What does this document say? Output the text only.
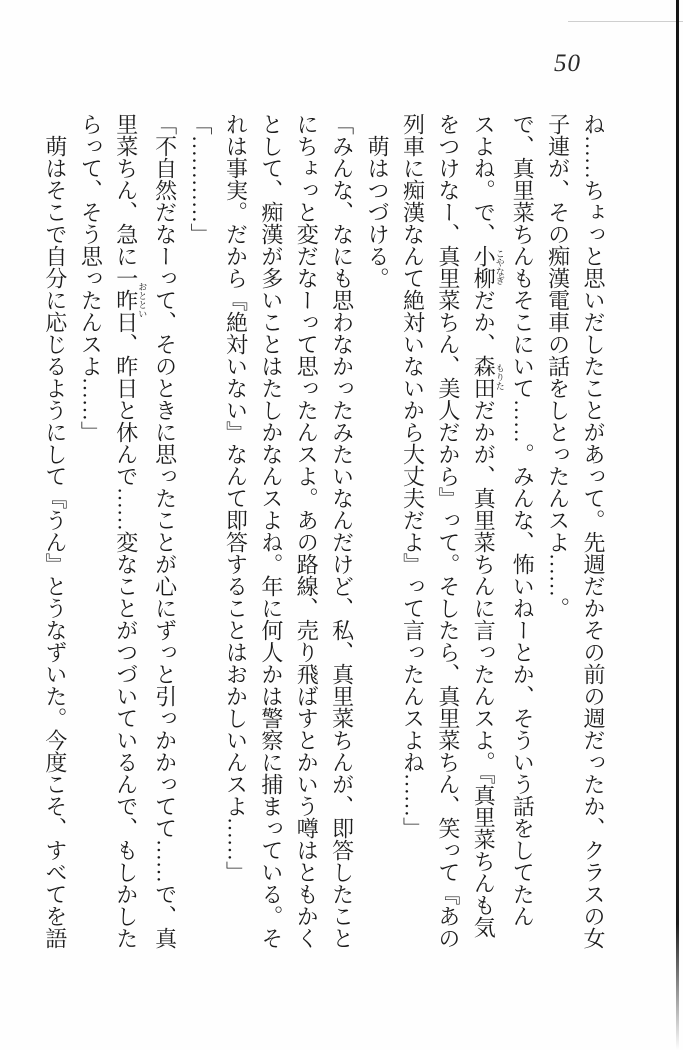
50
ね……ちょっと思いだしたことがあって。先週だかその前の週だったか、クラスの女
子連が、その痴漢電車の話をしとったんスよ……。
で、真里菜ちんもそこにいて……。みんな、怖いねーとか、そういう話をしてたん
スよね。で、小柳こやなぎだか、森田もりただかが、真里菜ちんに言ったんスよ。『真里菜ちんも気
をつけなー、真里菜ちん、美人だから』って。そしたら、真里菜ちん、笑って『あの
列車に痴漢なんて絶対いないから大丈夫だよ』って言ったんスよね……」
萌はつづける。
「みんな、なにも思わなかったみたいなんだけど、私、真里菜ちんが、即答したこと
にちょっと変だなーって思ったんスよ。あの路線、売り飛ばすとかいう噂はともかく
として、痴漢が多いことはたしかなんスよね。年に何人かは警察に捕まっている。そ
れは事実。だから『絶対いない』なんて即答することはおかしいんスよ……」
「…………」
「不自然だなーって、そのときに思ったことが心にずっと引っかかってて……で、真
里菜ちん、急に一昨日おととい、昨日と休んで……変なことがつづいているんで、もしかした
らって、そう思ったんスよ……」
萌はそこで自分に応じるようにして『うん』とうなずいた。今度こそ、すべてを語
